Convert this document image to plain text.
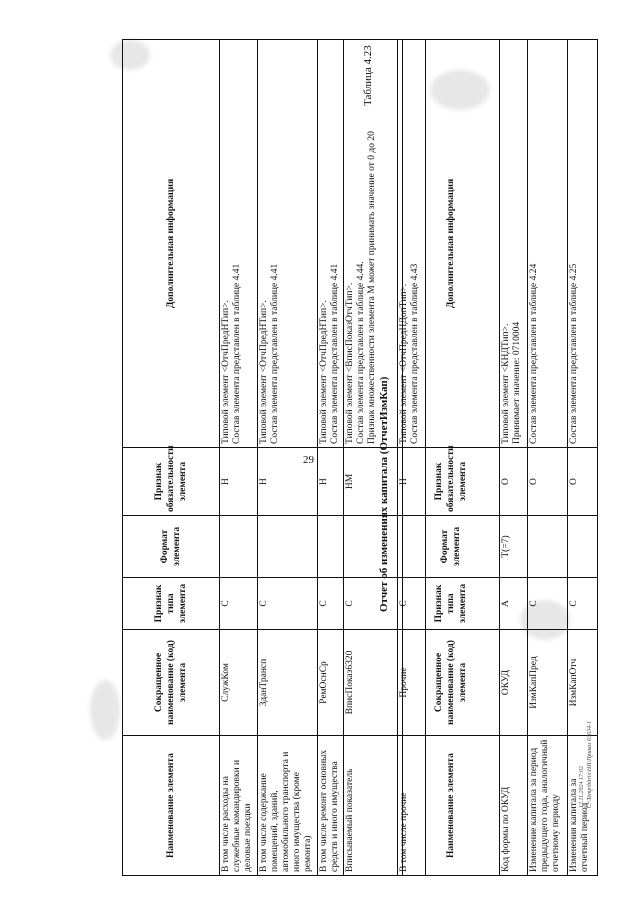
29
Наименование элемента	Сокращенное наименование (код) элемента	Признак типа элемента	Формат элемента	Признак обязательности элемента	Дополнительная информация
В том числе расходы на служебные командировки и деловые поездки	СлужКом	С		Н	Типовой элемент <ОтчПредНТип>.
Состав элемента представлен в таблице 4.41
В том числе содержание помещений, зданий, автомобильного транспорта и иного имущества (кроме ремонта)	ЗданТрансп	С		Н	Типовой элемент <ОтчПредНТип>.
Состав элемента представлен в таблице 4.41
В том числе ремонт основных средств и иного имущества	РемОснСр	С		Н	Типовой элемент <ОтчПредНТип>.
Состав элемента представлен в таблице 4.41
Вписываемый показатель	ВписПоказ6320	С		НМ	Типовой элемент <ВписПоказОтчТип>.
Состав элемента представлен в таблице 4.44.
Признак множественности элемента М может принимать значение от 0 до 20
В том числе прочие	Прочие	С		Н	Типовой элемент <ОтчПредНДопТип>.
Состав элемента представлен в таблице 4.43
Таблица 4.23
Отчет об изменениях капитала (ОтчетИзмКап)
Наименование элемента	Сокращенное наименование (код) элемента	Признак типа элемента	Формат элемента	Признак обязательности элемента	Дополнительная информация
Код формы по ОКУД	ОКУД	А	T(=7)	О	Типовой элемент <КНДТип>.
Принимает значение: 0710004
Изменение капитала за период предыдущего года, аналогичный отчетному периоду	ИзмКапПред	С		О	Состав элемента представлен в таблице 4.24
Изменения капитала за отчетный период	ИзмКапОтч	С		О	Состав элемента представлен в таблице 4.25
12.11.2024 17:02 С:\Temp\bitrix\НИ\Приказ 63634-1
